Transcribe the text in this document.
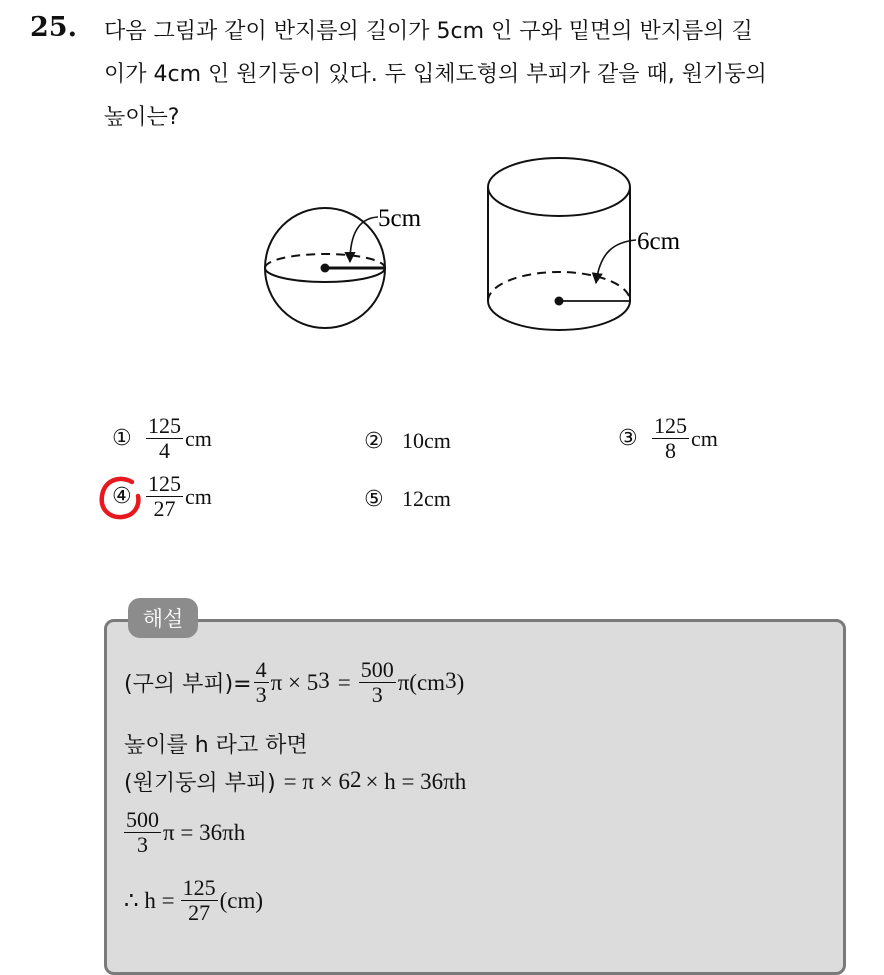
25. 다음 그림과 같이 반지름의 길이가 5cm 인 구와 밑면의 반지름의 길
이가 4cm 인 원기둥이 있다. 두 입체도형의 부피가 같을 때, 원기둥의
높이는?
5cm
6cm
① $\frac{125}{4}$ cm	② 10cm	③ $\frac{125}{8}$ cm
④ $\frac{125}{27}$ cm	⑤ 12cm
해설
(구의 부피)= $\frac{4}{3}$ $\pi \times 5^3 = \frac{500}{3} \pi(cm^3$ )
높이를 h 라고 하면
(원기둥의 부피) = $\pi \times 6^2 \times h = 36\pi h$
$\frac{500}{3}$ π = 36πh
∴ $h = \frac{125}{27} (cm)$
